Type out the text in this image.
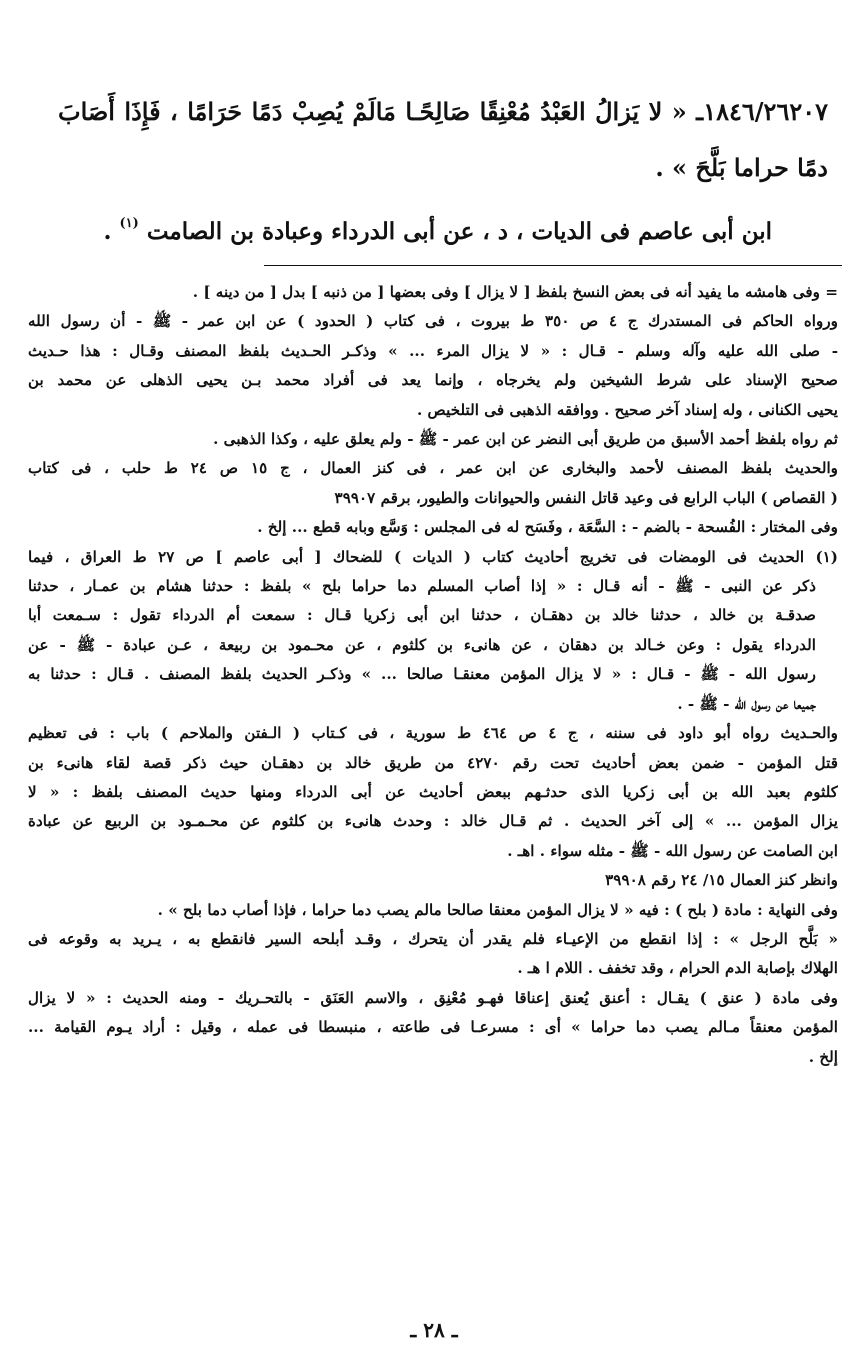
١٨٤٦/٢٦٢٠٧ـ « لا يَزالُ العَبْدُ مُعْنِقًا صَالِحًـا مَالَمْ يُصِبْ دَمًا حَرَامًا ، فَإِذَا أَصَابَ
دمًا حراما بَلَّحَ » .
ابن أبى عاصم فى الديات ، د ، عن أبى الدرداء وعبادة بن الصامت $^{(١)}$ .
= وفى هامشه ما يفيد أنه فى بعض النسخ بلفظ [ لا يزال ] وفى بعضها [ من ذنبه ] بدل [ من دينه ] .
ورواه الحاكم فى المستدرك ج ٤ ص ٣٥٠ ط بيروت ، فى كتاب ( الحدود ) عن ابن عمر - ﷺ - أن رسول الله
- صلى الله عليه وآله وسلم - قـال : « لا يزال المرء ... » وذكـر الحـديث بلفظ المصنف وقـال : هذا حـديث
صحيح الإسناد على شرط الشيخين ولم يخرجاه ، وإنما يعد فى أفراد محمد بـن يحيى الذهلى عن محمد بن
يحيى الكنانى ، وله إسناد آخر صحيح . ووافقه الذهبى فى التلخيص .
ثم رواه بلفظ أحمد الأسبق من طريق أبى النضر عن ابن عمر - ﷺ - ولم يعلق عليه ، وكذا الذهبى .
والحديث بلفظ المصنف لأحمد والبخارى عن ابن عمر ، فى كنز العمال ، ج ١٥ ص ٢٤ ط حلب ، فى كتاب
( القصاص ) الباب الرابع فى وعيد قاتل النفس والحيوانات والطيور، برقم ٣٩٩٠٧
وفى المختار : الفُسحة - بالضم - : السَّعَة ، وفَسَح له فى المجلس : وَسَّع وبابه قطع ... إلخ .
(١) الحديث فى الومضات فى تخريج أحاديث كتاب ( الديات ) للضحاك [ أبى عاصم ] ص ٢٧ ط العراق ، فيما
ذكر عن النبى - ﷺ - أنه قـال : « إذا أصاب المسلم دما حراما بلح » بلفظ : حدثنا هشام بن عمـار ، حدثنا
صدقـة بن خالد ، حدثنا خالد بن دهقـان ، حدثنا ابن أبى زكريا قـال : سمعت أم الدرداء تقول : سـمعت أبا
الدرداء يقول : وعن خـالد بن دهقان ، عن هانىء بن كلثوم ، عن محـمود بن ربيعة ، عـن عبادة - ﷺ - عن
رسول الله - ﷺ - قـال : « لا يزال المؤمن معنقـا صالحا ... » وذكـر الحديث بلفظ المصنف . قـال : حدثنا به
جميعا عن رسول الله - ﷺ - .
والحـديث رواه أبو داود فى سننه ، ج ٤ ص ٤٦٤ ط سورية ، فى كـتاب ( الـفتن والملاحم ) باب : فى تعظيم
قتل المؤمن - ضمن بعض أحاديث تحت رقم ٤٢٧٠ من طريق خالد بن دهقـان حيث ذكر قصة لقاء هانىء بن
كلثوم بعبد الله بن أبى زكريا الذى حدثـهم ببعض أحاديث عن أبى الدرداء ومنها حديث المصنف بلفظ : « لا
يزال المؤمن ... » إلى آخر الحديث . ثم قـال خالد : وحدث هانىء بن كلثوم عن محـمـود بن الربيع عن عبادة
ابن الصامت عن رسول الله - ﷺ - مثله سواء . اهـ .
وانظر كنز العمال ١٥/ ٢٤ رقم ٣٩٩٠٨
وفى النهاية : مادة ( بلح ) : فيه « لا يزال المؤمن معنقا صالحا مالم يصب دما حراما ، فإذا أصاب دما بلح » .
« بَلَّح الرجل » : إذا انقطع من الإعيـاء فلم يقدر أن يتحرك ، وقـد أبلحه السير فانقطع به ، يـريد به وقوعه فى
الهلاك بإصابة الدم الحرام ، وقد تخفف . اللام ا هـ .
وفى مادة ( عنق ) يقـال : أعنق يُعنق إعناقا فهـو مُعْنِق ، والاسم العَنَق - بالتحـريك - ومنه الحديث : « لا يزال
المؤمن معنقاً مـالم يصب دما حراما » أى : مسرعـا فى طاعته ، منبسطا فى عمله ، وقيل : أراد يـوم القيامة ...
إلخ .
ـ ٢٨ ـ
